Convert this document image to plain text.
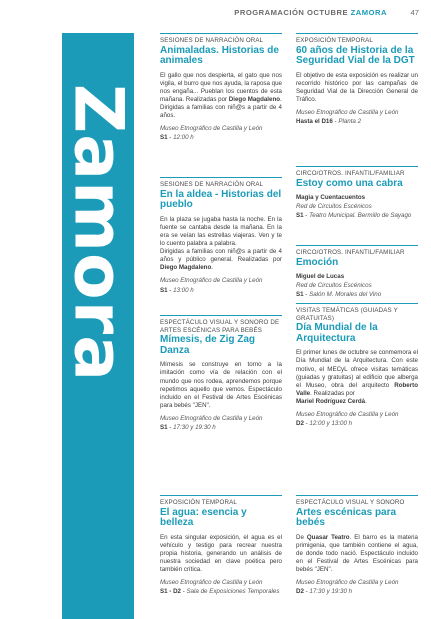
PROGRAMACIÓN OCTUBRE ZAMORA	47
Zamora
SESIONES DE NARRACIÓN ORAL
Animaladas. Historias de animales

El gallo que nos despierta, el gato que nos vigila, el burro que nos ayuda, la raposa que nos engaña... Pueblan los cuentos de esta mañana. Realizadas por Diego Magdaleno.

Dirigidas a familias con niñ@s a partir de 4 años.

Museo Etnográfico de Castilla y León
S1 - 12:00 h
SESIONES DE NARRACIÓN ORAL
En la aldea - Historias del pueblo

En la plaza se jugaba hasta la noche. En la fuente se cantaba desde la mañana. En la era se veían las estrellas viajeras. Ven y te lo cuento palabra a palabra.

Dirigidas a familias con niñ@s a partir de 4 años y público general. Realizadas por Diego Magdaleno.

Museo Etnográfico de Castilla y León
S1 - 13:00 h
ESPECTÁCULO VISUAL Y SONORO DE ARTES ESCÉNICAS PARA BEBÉS
Mímesis, de Zig Zag Danza

Mímesis se construye en torno a la imitación como vía de relación con el mundo que nos rodea, aprendemos porque repetimos aquello que vemos. Espectáculo incluido en el Festival de Artes Escénicas para bebés "JEN".

Museo Etnográfico de Castilla y León
S1 - 17:30 y 19:30 h
EXPOSICIÓN TEMPORAL
El agua: esencia y belleza

En esta singular exposición, el agua es el vehículo y testigo para recrear nuestra propia historia, generando un análisis de nuestra sociedad en clave poética pero también crítica.

Museo Etnográfico de Castilla y León
S1 - D2 - Sala de Exposiciones Temporales
EXPOSICIÓN TEMPORAL
60 años de Historia de la Seguridad Vial de la DGT

El objetivo de esta exposición es realizar un recorrido histórico por las campañas de Seguridad Vial de la Dirección General de Tráfico.

Museo Etnográfico de Castilla y León
Hasta el D16 - Planta 2
CIRCO/OTROS. INFANTIL/FAMILIAR
Estoy como una cabra
Magia y Cuentacuentos
Red de Circuitos Escénicos
S1 - Teatro Municipal. Bermillo de Sayago
CIRCO/OTROS. INFANTIL/FAMILIAR
Emoción
Miguel de Lucas
Red de Circuitos Escénicos
S1 - Salón M. Morales del Vino
VISITAS TEMÁTICAS (GUIADAS Y GRATUITAS)
Día Mundial de la Arquitectura

El primer lunes de octubre se conmemora el Día Mundial de la Arquitectura. Con este motivo, el MECyL ofrece visitas temáticas (guiadas y gratuitas) al edificio que alberga el Museo, obra del arquitecto Roberto Valle. Realizadas por

Mariel Rodríguez Cerdá.

Museo Etnográfico de Castilla y León
D2 - 12:00 y 13:00 h
ESPECTÁCULO VISUAL Y SONORO
Artes escénicas para bebés

De Quasar Teatro. El barro es la materia primigenia, que también contiene el agua, de donde todo nació. Espectáculo incluido en el Festival de Artes Escénicas para bebés "JEN".

Museo Etnográfico de Castilla y León
D2 - 17:30 y 19:30 h
